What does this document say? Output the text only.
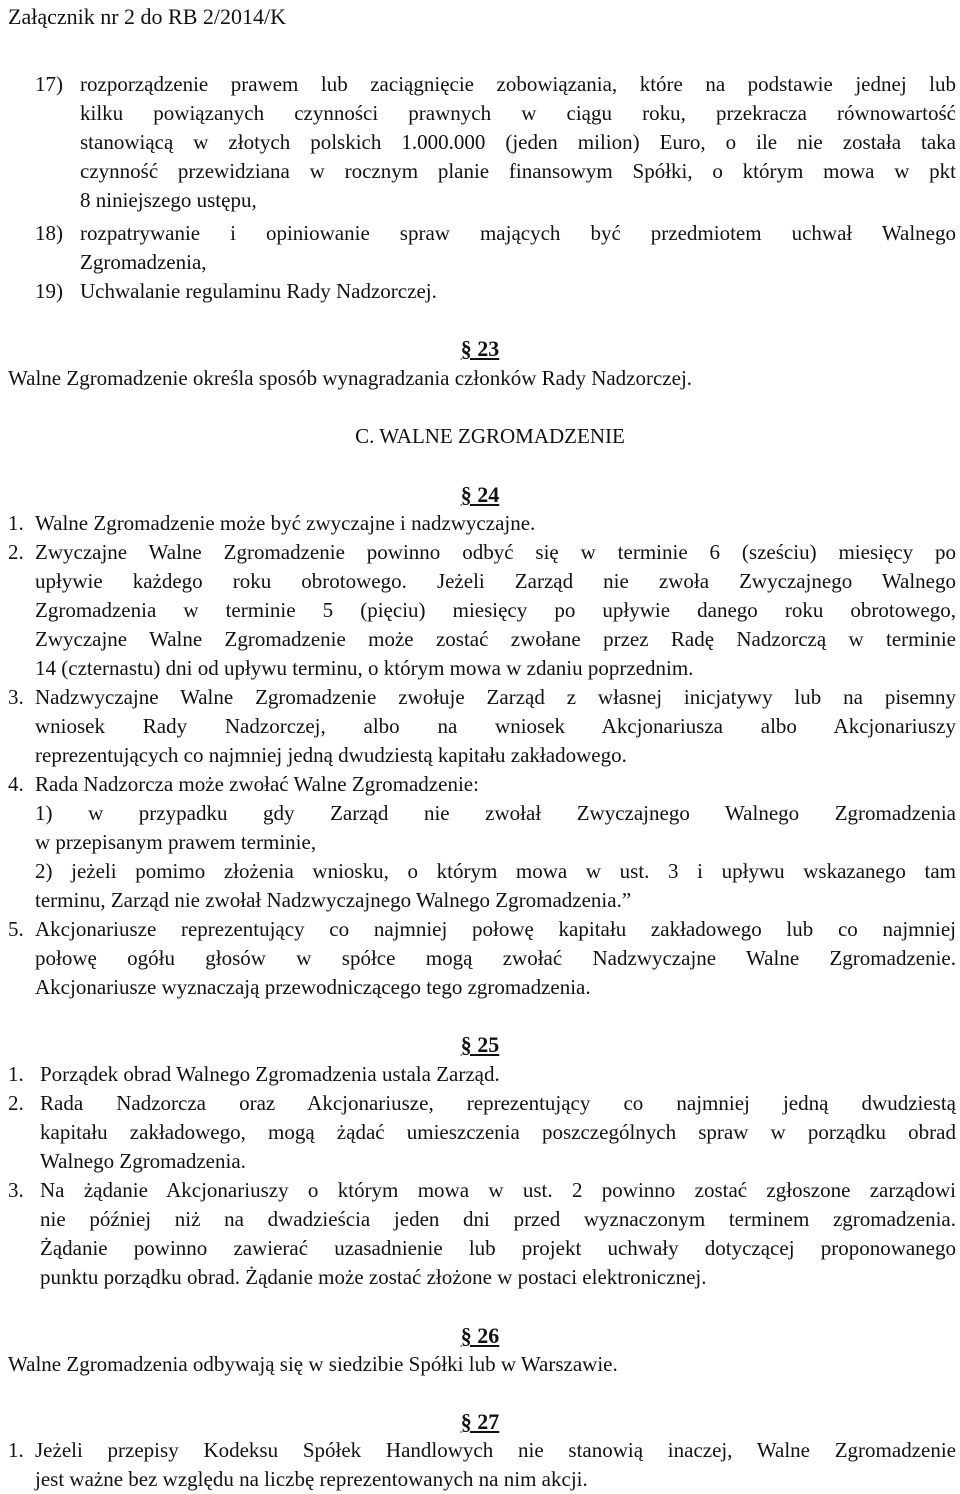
Załącznik nr 2 do RB 2/2014/K
17) rozporządzenie prawem lub zaciągnięcie zobowiązania, które na podstawie jednej lub
kilku powiązanych czynności prawnych w ciągu roku, przekracza równowartość
stanowiącą w złotych polskich 1.000.000 (jeden milion) Euro, o ile nie została taka
czynność przewidziana w rocznym planie finansowym Spółki, o którym mowa w pkt
8 niniejszego ustępu,
18) rozpatrywanie i opiniowanie spraw mających być przedmiotem uchwał Walnego
Zgromadzenia,
19) Uchwalanie regulaminu Rady Nadzorczej.
§ 23
Walne Zgromadzenie określa sposób wynagradzania członków Rady Nadzorczej.
C. WALNE ZGROMADZENIE
§ 24
1. Walne Zgromadzenie może być zwyczajne i nadzwyczajne.
2. Zwyczajne Walne Zgromadzenie powinno odbyć się w terminie 6 (sześciu) miesięcy po
upływie każdego roku obrotowego. Jeżeli Zarząd nie zwoła Zwyczajnego Walnego
Zgromadzenia w terminie 5 (pięciu) miesięcy po upływie danego roku obrotowego,
Zwyczajne Walne Zgromadzenie może zostać zwołane przez Radę Nadzorczą w terminie
14 (czternastu) dni od upływu terminu, o którym mowa w zdaniu poprzednim.
3. Nadzwyczajne Walne Zgromadzenie zwołuje Zarząd z własnej inicjatywy lub na pisemny
wniosek Rady Nadzorczej, albo na wniosek Akcjonariusza albo Akcjonariuszy
reprezentujących co najmniej jedną dwudziestą kapitału zakładowego.
4. Rada Nadzorcza może zwołać Walne Zgromadzenie:
1) w przypadku gdy Zarząd nie zwołał Zwyczajnego Walnego Zgromadzenia
w przepisanym prawem terminie,
2) jeżeli pomimo złożenia wniosku, o którym mowa w ust. 3 i upływu wskazanego tam
terminu, Zarząd nie zwołał Nadzwyczajnego Walnego Zgromadzenia.”
5. Akcjonariusze reprezentujący co najmniej połowę kapitału zakładowego lub co najmniej
połowę ogółu głosów w spółce mogą zwołać Nadzwyczajne Walne Zgromadzenie.
Akcjonariusze wyznaczają przewodniczącego tego zgromadzenia.
§ 25
1. Porządek obrad Walnego Zgromadzenia ustala Zarząd.
2. Rada Nadzorcza oraz Akcjonariusze, reprezentujący co najmniej jedną dwudziestą
kapitału zakładowego, mogą żądać umieszczenia poszczególnych spraw w porządku obrad
Walnego Zgromadzenia.
3. Na żądanie Akcjonariuszy o którym mowa w ust. 2 powinno zostać zgłoszone zarządowi
nie później niż na dwadzieścia jeden dni przed wyznaczonym terminem zgromadzenia.
Żądanie powinno zawierać uzasadnienie lub projekt uchwały dotyczącej proponowanego
punktu porządku obrad. Żądanie może zostać złożone w postaci elektronicznej.
§ 26
Walne Zgromadzenia odbywają się w siedzibie Spółki lub w Warszawie.
§ 27
1. Jeżeli przepisy Kodeksu Spółek Handlowych nie stanowią inaczej, Walne Zgromadzenie
jest ważne bez względu na liczbę reprezentowanych na nim akcji.
